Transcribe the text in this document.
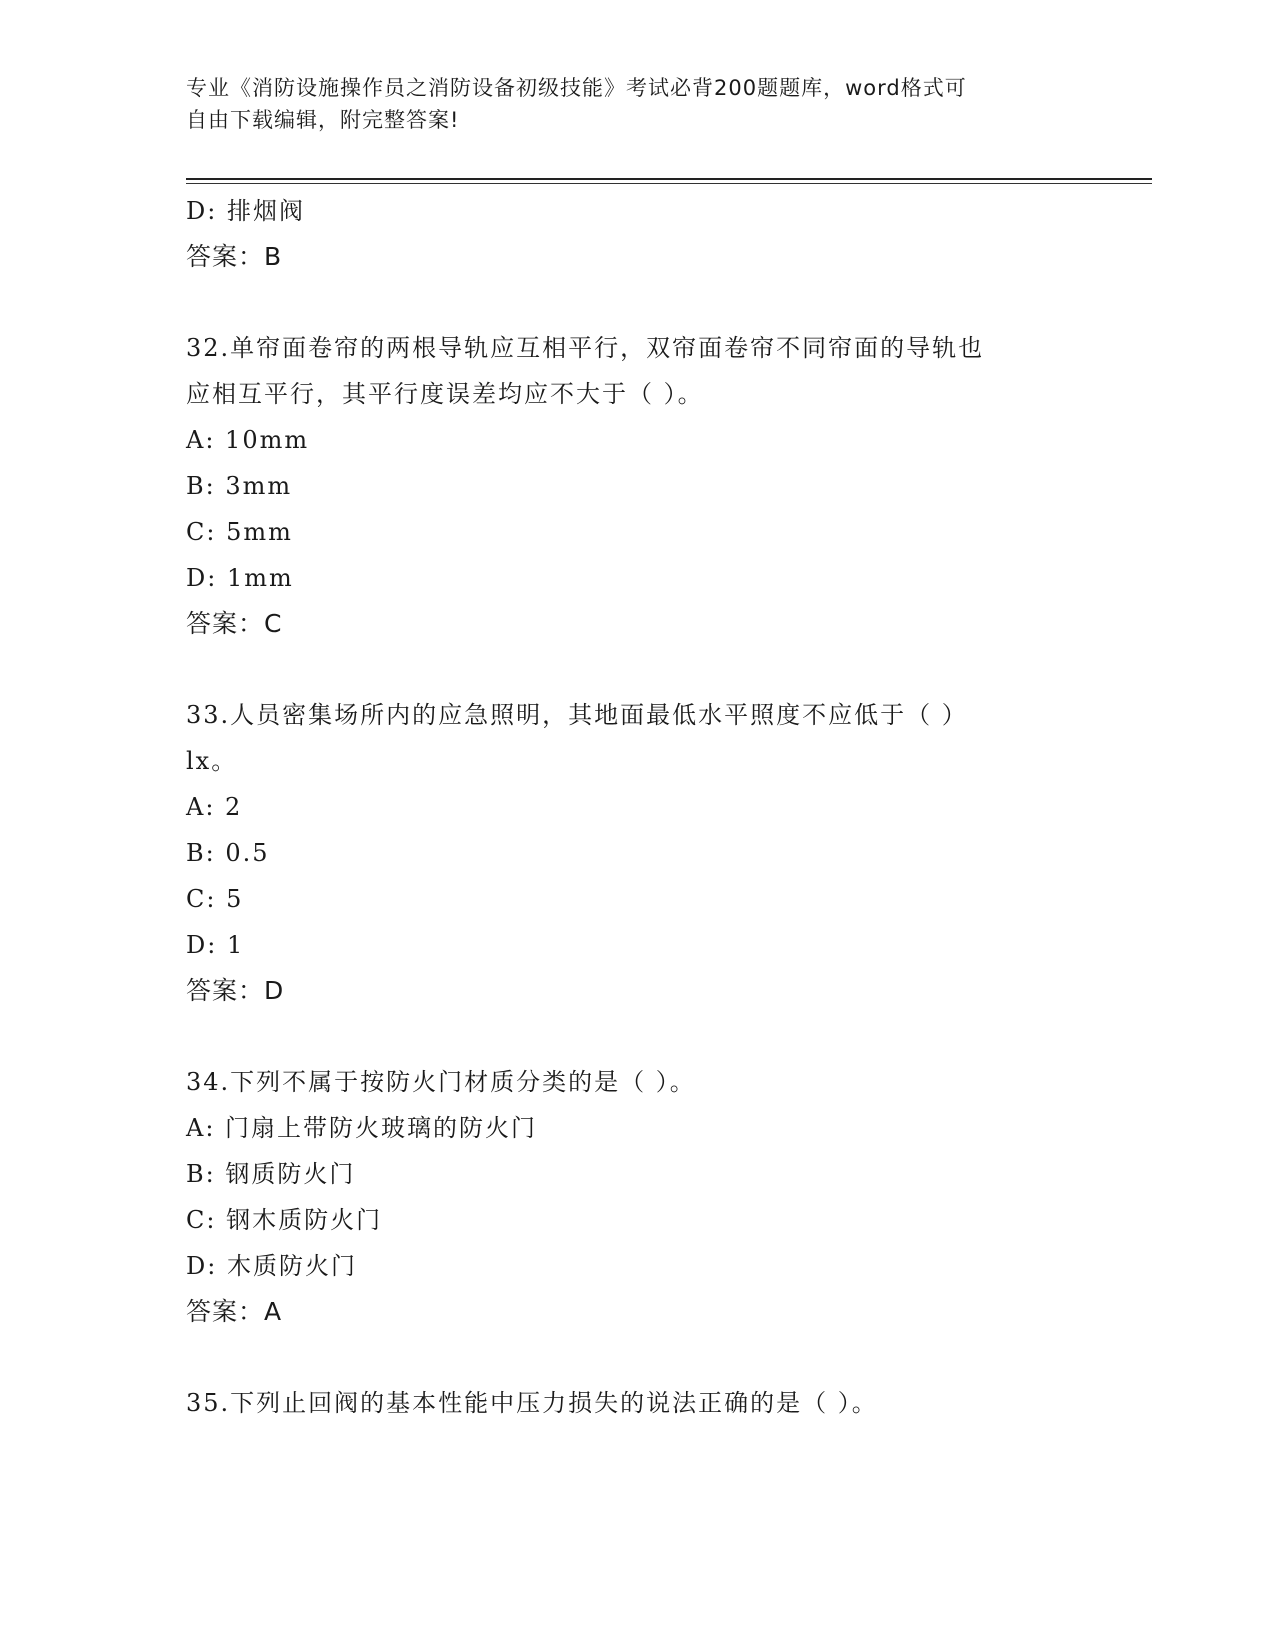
专业《消防设施操作员之消防设备初级技能》考试必背200题题库，word格式可
自由下载编辑，附完整答案!
D: 排烟阀
答案：B
32.单帘面卷帘的两根导轨应互相平行，双帘面卷帘不同帘面的导轨也
应相互平行，其平行度误差均应不大于（ ）。
A: 10mm
B: 3mm
C: 5mm
D: 1mm
答案：C
33.人员密集场所内的应急照明，其地面最低水平照度不应低于（ ）
lx。
A: 2
B: 0.5
C: 5
D: 1
答案：D
34.下列不属于按防火门材质分类的是（ ）。
A: 门扇上带防火玻璃的防火门
B: 钢质防火门
C: 钢木质防火门
D: 木质防火门
答案：A
35.下列止回阀的基本性能中压力损失的说法正确的是（ ）。
